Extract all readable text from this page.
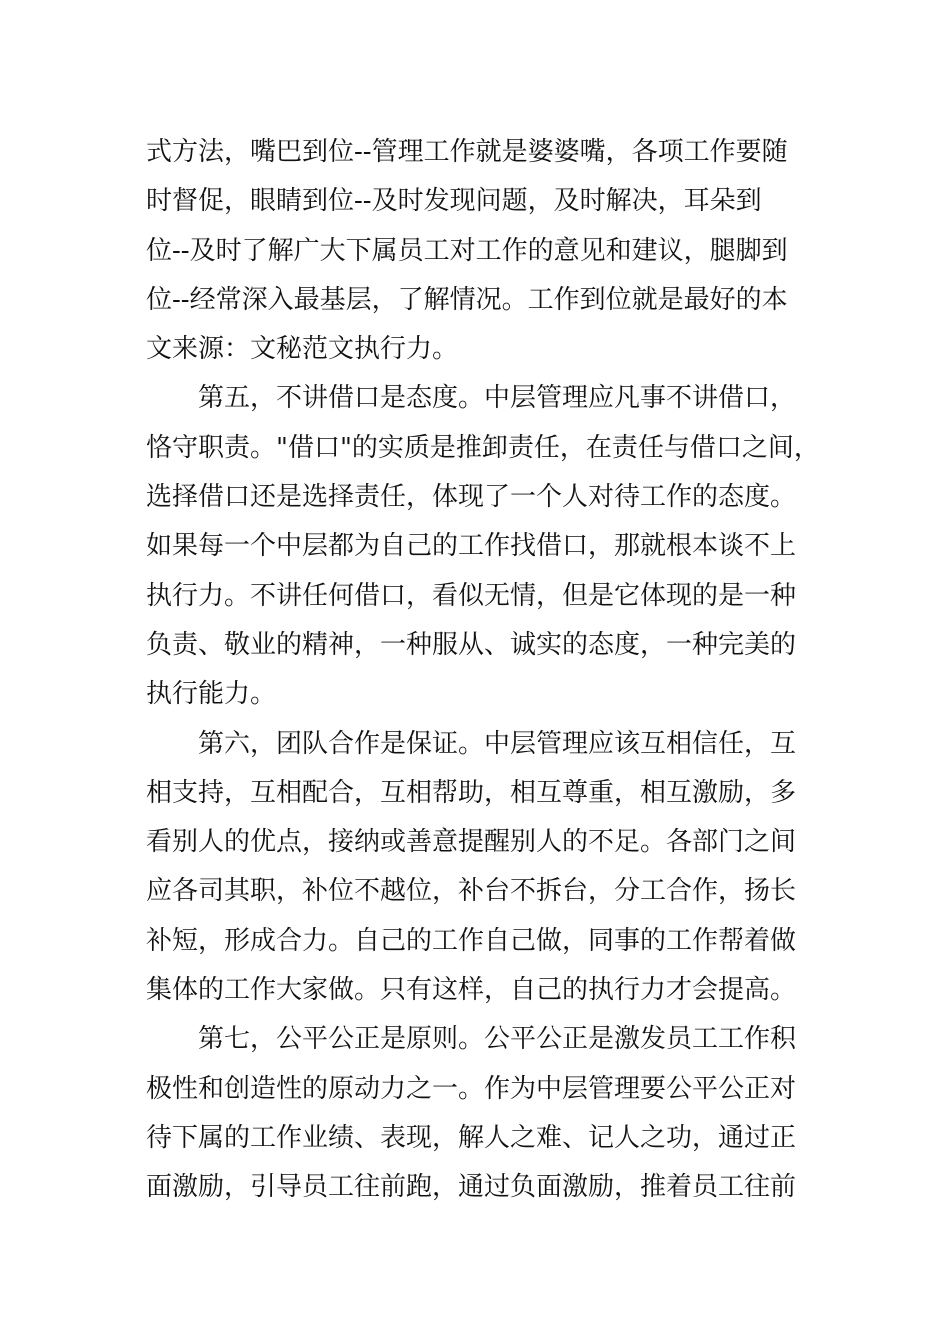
式方法，嘴巴到位--管理工作就是婆婆嘴，各项工作要随
时督促，眼睛到位--及时发现问题，及时解决，耳朵到
位--及时了解广大下属员工对工作的意见和建议，腿脚到
位--经常深入最基层，了解情况。工作到位就是最好的本
文来源：文秘范文执行力。
第五，不讲借口是态度。中层管理应凡事不讲借口，
恪守职责。"借口"的实质是推卸责任，在责任与借口之间，
选择借口还是选择责任，体现了一个人对待工作的态度。
如果每一个中层都为自己的工作找借口，那就根本谈不上
执行力。不讲任何借口，看似无情，但是它体现的是一种
负责、敬业的精神，一种服从、诚实的态度，一种完美的
执行能力。
第六，团队合作是保证。中层管理应该互相信任，互
相支持，互相配合，互相帮助，相互尊重，相互激励，多
看别人的优点，接纳或善意提醒别人的不足。各部门之间
应各司其职，补位不越位，补台不拆台，分工合作，扬长
补短，形成合力。自己的工作自己做，同事的工作帮着做
集体的工作大家做。只有这样，自己的执行力才会提高。
第七，公平公正是原则。公平公正是激发员工工作积
极性和创造性的原动力之一。作为中层管理要公平公正对
待下属的工作业绩、表现，解人之难、记人之功，通过正
面激励，引导员工往前跑，通过负面激励，推着员工往前
